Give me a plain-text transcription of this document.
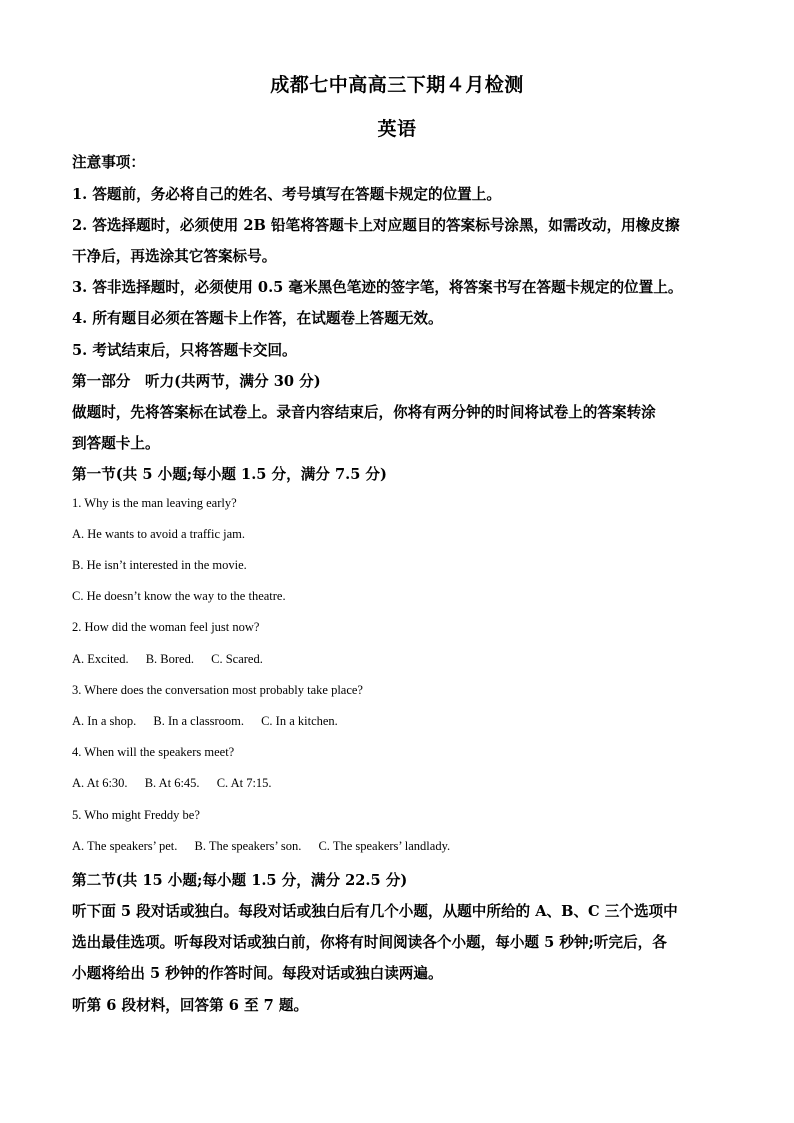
成都七中高高三下期４月检测
英语
注意事项：
1. 答题前，务必将自己的姓名、考号填写在答题卡规定的位置上。
2. 答选择题时，必须使用 2B 铅笔将答题卡上对应题目的答案标号涂黑，如需改动，用橡皮擦
干净后，再选涂其它答案标号。
3. 答非选择题时，必须使用 0.5 毫米黑色笔迹的签字笔，将答案书写在答题卡规定的位置上。
4. 所有题目必须在答题卡上作答，在试题卷上答题无效。
5. 考试结束后，只将答题卡交回。
第一部分　听力(共两节，满分 30 分)
做题时，先将答案标在试卷上。录音内容结束后，你将有两分钟的时间将试卷上的答案转涂
到答题卡上。
第一节(共 5 小题;每小题 1.5 分，满分 7.5 分)
1. Why is the man leaving early?
A. He wants to avoid a traffic jam.
B. He isn’t interested in the movie.
C. He doesn’t know the way to the theatre.
2. How did the woman feel just now?
A. Excited. B. Bored. C. Scared.
3. Where does the conversation most probably take place?
A. In a shop. B. In a classroom. C. In a kitchen.
4. When will the speakers meet?
A. At 6:30. B. At 6:45. C. At 7:15.
5. Who might Freddy be?
A. The speakers’ pet. B. The speakers’ son. C. The speakers’ landlady.
第二节(共 15 小题;每小题 1.5 分，满分 22.5 分)
听下面 5 段对话或独白。每段对话或独白后有几个小题，从题中所给的 A、B、C 三个选项中
选出最佳选项。听每段对话或独白前，你将有时间阅读各个小题，每小题 5 秒钟;听完后，各
小题将给出 5 秒钟的作答时间。每段对话或独白读两遍。
听第 6 段材料，回答第 6 至 7 题。
